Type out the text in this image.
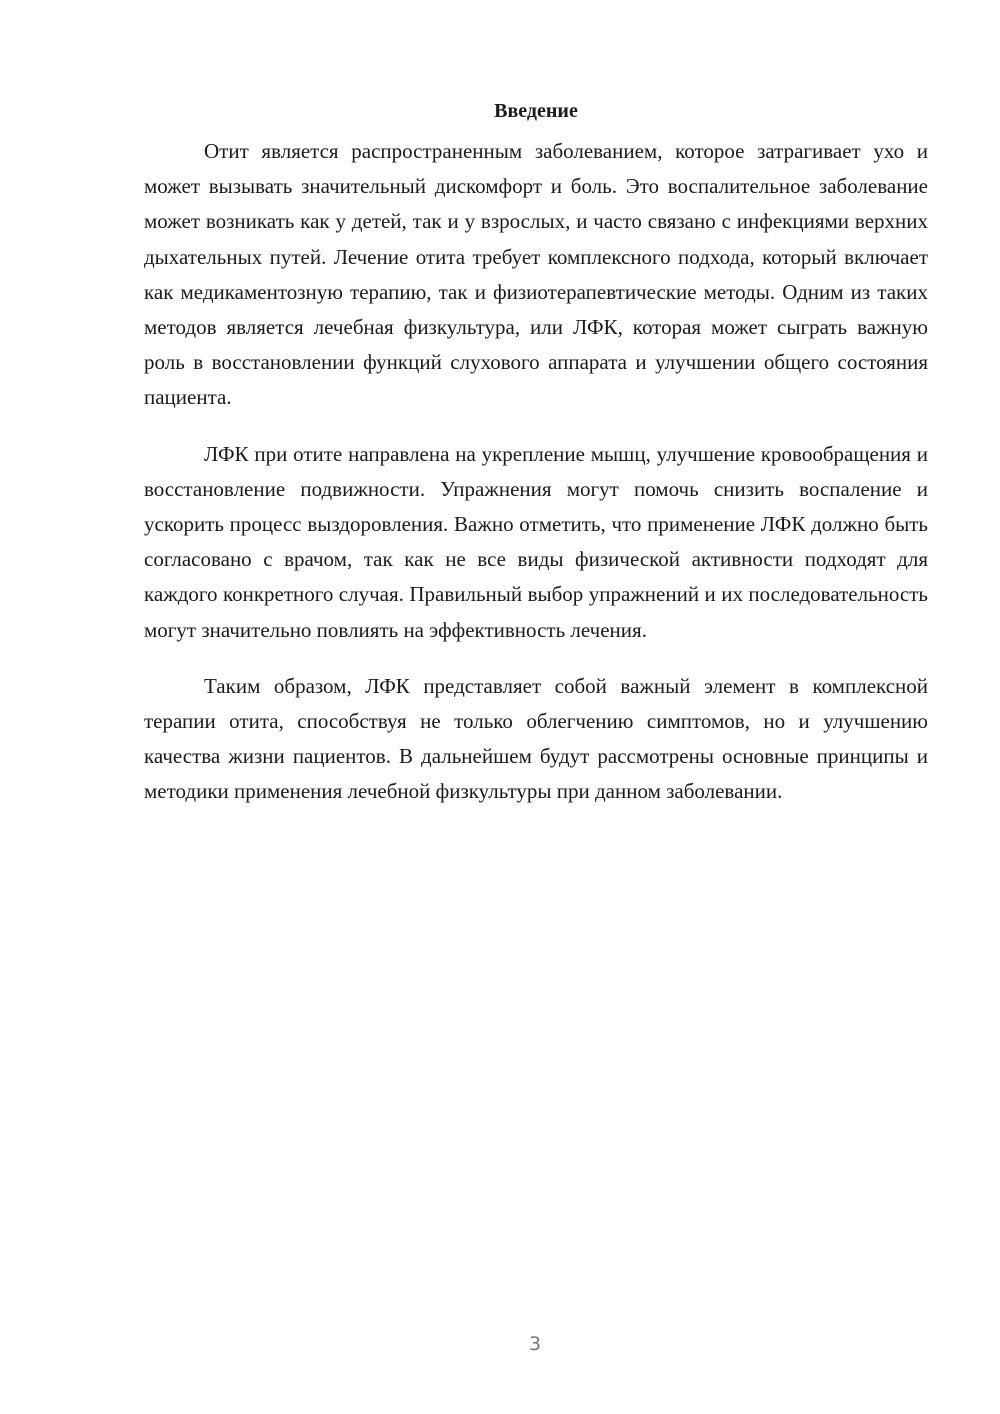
Введение

Отит является распространенным заболеванием, которое затрагивает ухо и может вызывать значительный дискомфорт и боль. Это воспалительное заболевание может возникать как у детей, так и у взрослых, и часто связано с инфекциями верхних дыхательных путей. Лечение отита требует комплексного подхода, который включает как медикаментозную терапию, так и физиотерапевтические методы. Одним из таких методов является лечебная физкультура, или ЛФК, которая может сыграть важную роль в восстановлении функций слухового аппарата и улучшении общего состояния пациента.

ЛФК при отите направлена на укрепление мышц, улучшение кровообращения и восстановление подвижности. Упражнения могут помочь снизить воспаление и ускорить процесс выздоровления. Важно отметить, что применение ЛФК должно быть согласовано с врачом, так как не все виды физической активности подходят для каждого конкретного случая. Правильный выбор упражнений и их последовательность могут значительно повлиять на эффективность лечения.

Таким образом, ЛФК представляет собой важный элемент в комплексной терапии отита, способствуя не только облегчению симптомов, но и улучшению качества жизни пациентов. В дальнейшем будут рассмотрены основные принципы и методики применения лечебной физкультуры при данном заболевании.

3
